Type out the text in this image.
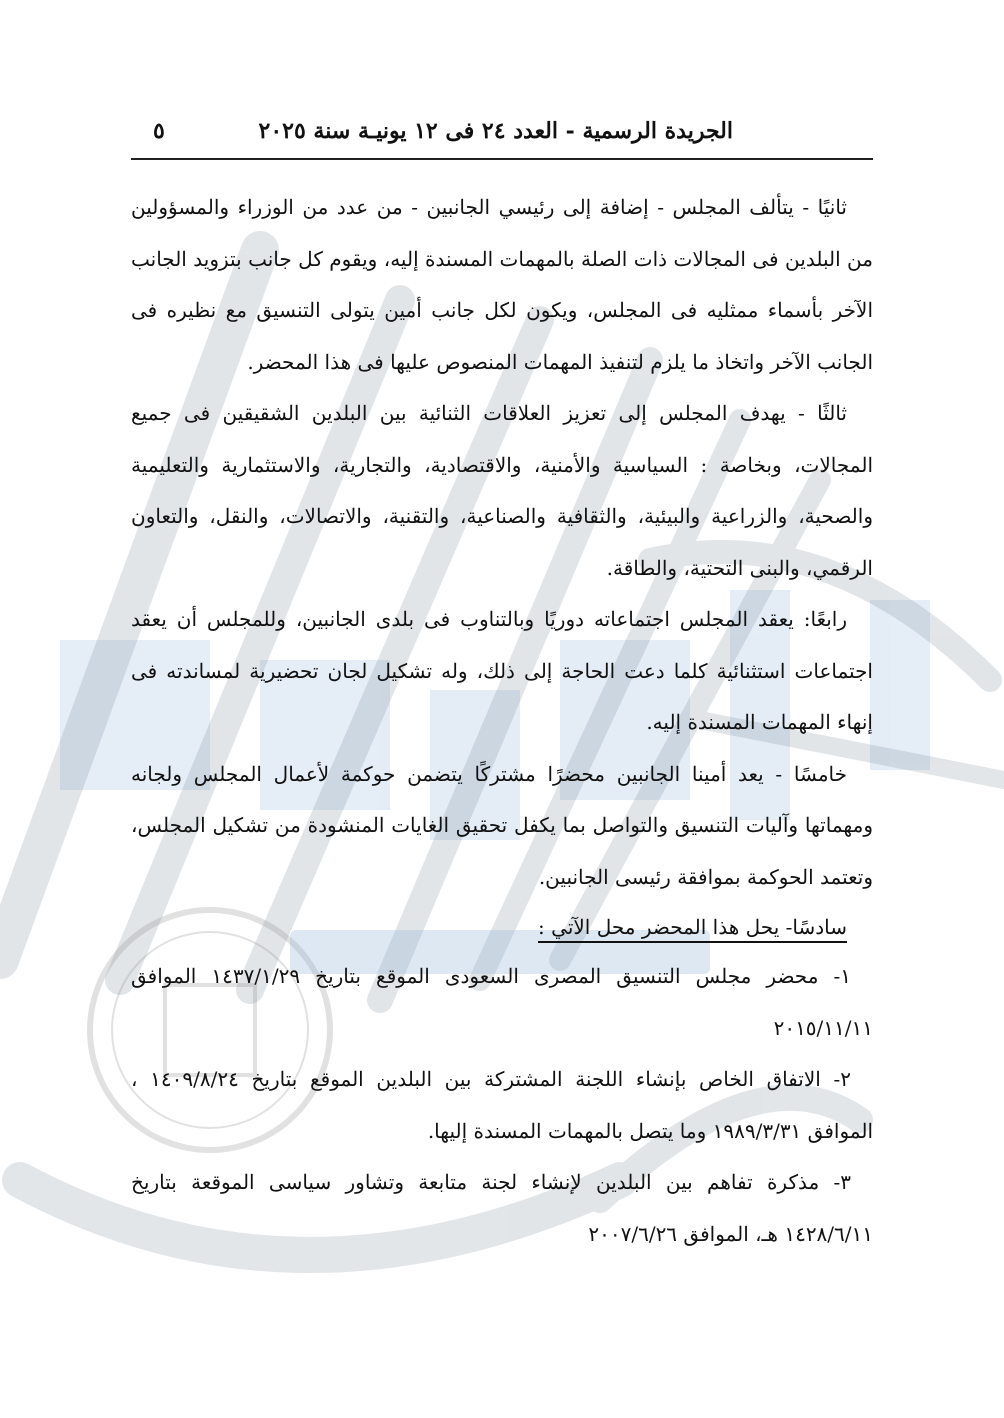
الجريدة الرسمية - العدد ٢٤ فى ١٢ يونيـة سنة ٢٠٢٥
٥

ثانيًا - يتألف المجلس - إضافة إلى رئيسي الجانبين - من عدد من الوزراء والمسؤولين من البلدين فى المجالات ذات الصلة بالمهمات المسندة إليه، ويقوم كل جانب بتزويد الجانب الآخر بأسماء ممثليه فى المجلس، ويكون لكل جانب أمين يتولى التنسيق مع نظيره فى الجانب الآخر واتخاذ ما يلزم لتنفيذ المهمات المنصوص عليها فى هذا المحضر.

ثالثًا - يهدف المجلس إلى تعزيز العلاقات الثنائية بين البلدين الشقيقين فى جميع المجالات، وبخاصة : السياسية والأمنية، والاقتصادية، والتجارية، والاستثمارية والتعليمية والصحية، والزراعية والبيئية، والثقافية والصناعية، والتقنية، والاتصالات، والنقل، والتعاون الرقمي، والبنى التحتية، والطاقة.

رابعًا: يعقد المجلس اجتماعاته دوريًا وبالتناوب فى بلدى الجانبين، وللمجلس أن يعقد اجتماعات استثنائية كلما دعت الحاجة إلى ذلك، وله تشكيل لجان تحضيرية لمساندته فى إنهاء المهمات المسندة إليه.

خامسًا - يعد أمينا الجانبين محضرًا مشتركًا يتضمن حوكمة لأعمال المجلس ولجانه ومهماتها وآليات التنسيق والتواصل بما يكفل تحقيق الغايات المنشودة من تشكيل المجلس، وتعتمد الحوكمة بموافقة رئيسى الجانبين.

سادسًا- يحل هذا المحضر محل الآتي :

١- محضر مجلس التنسيق المصرى السعودى الموقع بتاريخ ١٤٣٧/١/٢٩ الموافق ٢٠١٥/١١/١١

٢- الاتفاق الخاص بإنشاء اللجنة المشتركة بين البلدين الموقع بتاريخ ١٤٠٩/٨/٢٤ ، الموافق ١٩٨٩/٣/٣١ وما يتصل بالمهمات المسندة إليها.

٣- مذكرة تفاهم بين البلدين لإنشاء لجنة متابعة وتشاور سياسى الموقعة بتاريخ ١٤٢٨/٦/١١ هـ، الموافق ٢٠٠٧/٦/٢٦
